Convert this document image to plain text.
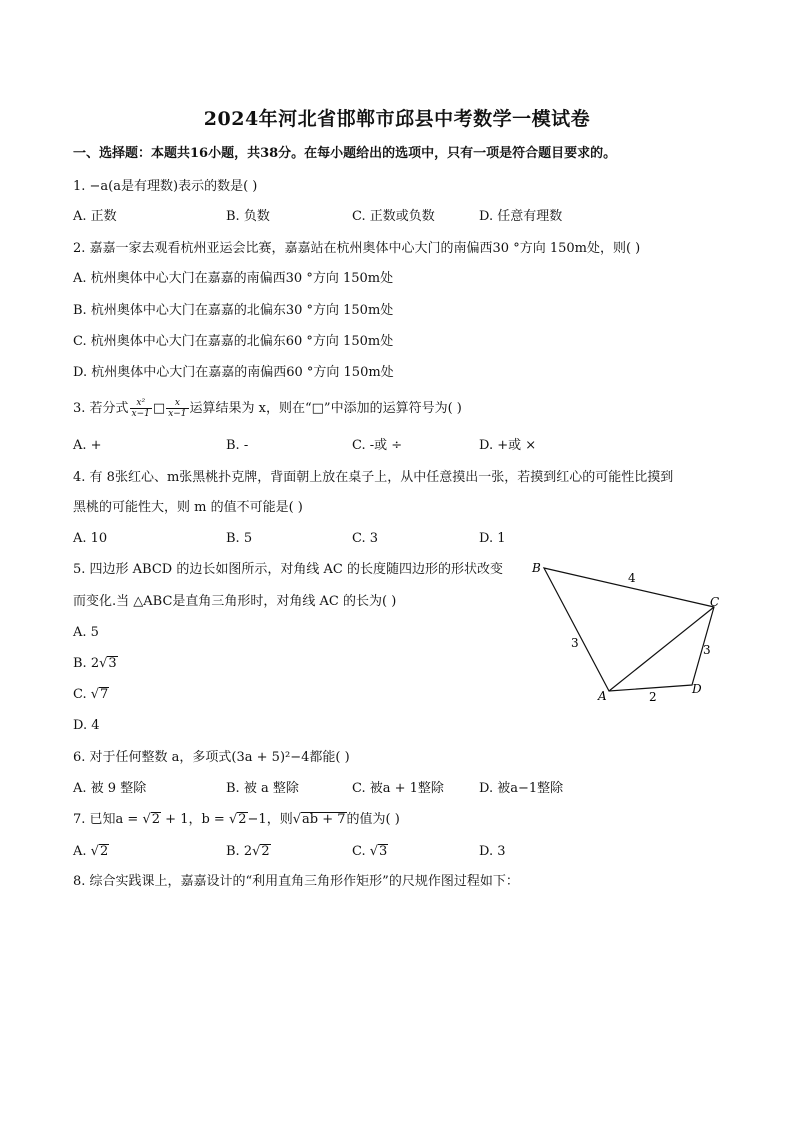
2024年河北省邯郸市邱县中考数学一模试卷
一、选择题：本题共16小题，共38分。在每小题给出的选项中，只有一项是符合题目要求的。
1. −a(a是有理数)表示的数是( )
A. 正数	B. 负数	C. 正数或负数	D. 任意有理数
2. 嘉嘉一家去观看杭州亚运会比赛，嘉嘉站在杭州奥体中心大门的南偏西30 °方向 150m处，则( )
A. 杭州奥体中心大门在嘉嘉的南偏西30 °方向 150m处
B. 杭州奥体中心大门在嘉嘉的北偏东30 °方向 150m处
C. 杭州奥体中心大门在嘉嘉的北偏东60 °方向 150m处
D. 杭州奥体中心大门在嘉嘉的南偏西60 °方向 150m处
3. 若分式 $\frac{\text{x²}}{x-1}$ □ $\frac{x}{x-1}$ 运算结果为 x，则在“□”中添加的运算符号为( )
A. +	B. -	C. -或 ÷	D. +或 ×
4. 有 8张红心、m张黑桃扑克牌，背面朝上放在桌子上，从中任意摸出一张，若摸到红心的可能性比摸到
黑桃的可能性大，则 m 的值不可能是( )
A. 10	B. 5	C. 3	D. 1
5. 四边形 ABCD 的边长如图所示，对角线 AC 的长度随四边形的形状改变
而变化.当 △ABC是直角三角形时，对角线 AC 的长为( )
A. 5
B. 2√3
C. √7
D. 4
B
C
A	D
4
3	3
2
6. 对于任何整数 a，多项式(3a + 5)²−4都能( )
A. 被 9 整除	B. 被 a 整除	C. 被a + 1整除	D. 被a−1整除
7. 已知a = √2 + 1，b = √2−1，则√ab + 7的值为( )
A. √2	B. 2√2	C. √3	D. 3
8. 综合实践课上，嘉嘉设计的“利用直角三角形作矩形”的尺规作图过程如下：
